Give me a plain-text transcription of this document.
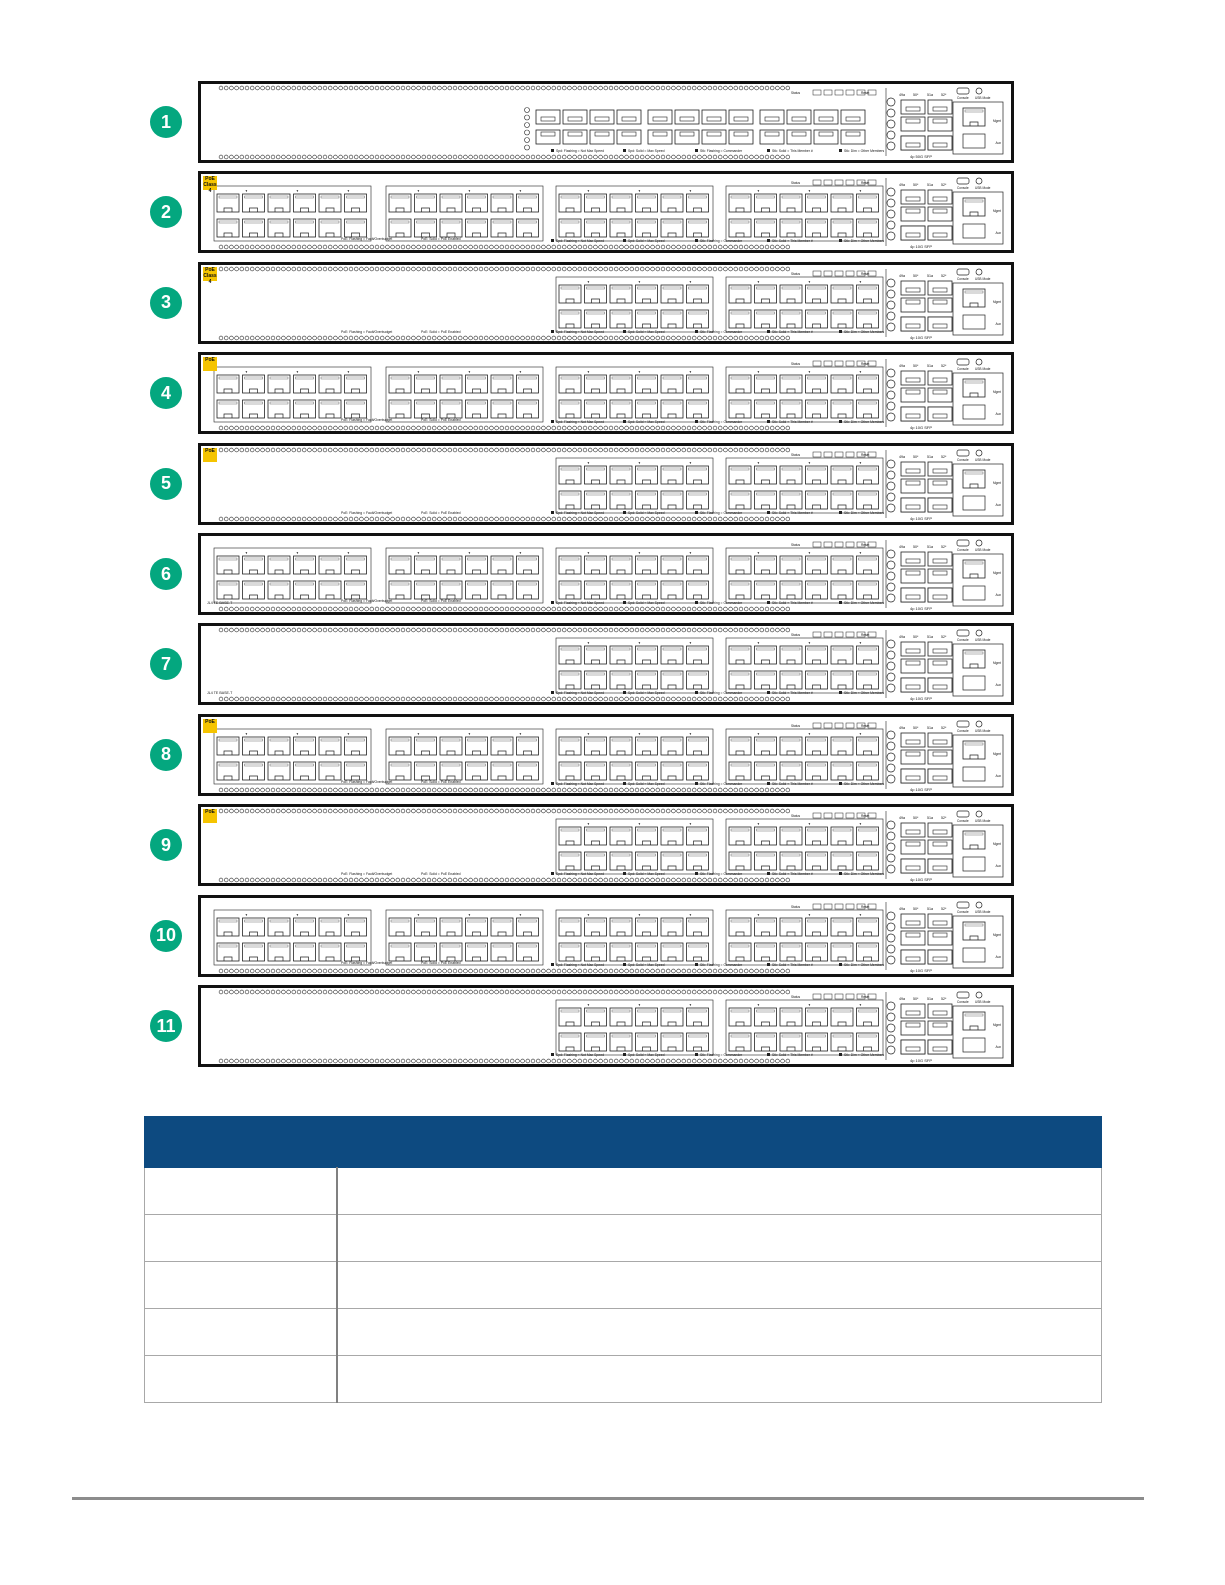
1
Spd: Flashing = Not Max Speed	Spd: Solid = Max Speed	Stk: Flashing = Commander	Stk: Solid = This Member #	Stk: Dim = Other Members
Status	Reset	49a 50* 51a 52*
4p 50G SFP
Console USB Mode
Mgmt
Aux
2
▾	▾	▾	▾	▾	▾	▾	▾	▾	▾	▾	▾
PoE: Flashing = Fault/Overbudget	PoE: Solid = PoE Enabled	Spd: Flashing = Not Max Speed	Spd: Solid = Max Speed	Stk: Flashing = Commander	Stk: Solid = This Member #	Stk: Dim = Other Members
Status	Reset	49a 50* 51a 52*
4p 10G SFP
Console USB Mode
Mgmt
Aux
PoE Class 4
3
▾	▾	▾	▾	▾	▾
PoE: Flashing = Fault/Overbudget	PoE: Solid = PoE Enabled	Spd: Flashing = Not Max Speed	Spd: Solid = Max Speed	Stk: Flashing = Commander	Stk: Solid = This Member #	Stk: Dim = Other Members
Status	Reset	49a 50* 51a 52*
4p 10G SFP
Console USB Mode
Mgmt
Aux
PoE Class 4
4
▾	▾	▾	▾	▾	▾	▾	▾	▾	▾	▾	▾
PoE: Flashing = Fault/Overbudget	PoE: Solid = PoE Enabled	Spd: Flashing = Not Max Speed	Spd: Solid = Max Speed	Stk: Flashing = Commander	Stk: Solid = This Member #	Stk: Dim = Other Members
Status	Reset	49a 50* 51a 52*
4p 10G SFP
Console USB Mode
Mgmt
Aux
PoE
5
▾	▾	▾	▾	▾	▾
PoE: Flashing = Fault/Overbudget	PoE: Solid = PoE Enabled	Spd: Flashing = Not Max Speed	Spd: Solid = Max Speed	Stk: Flashing = Commander	Stk: Solid = This Member #	Stk: Dim = Other Members
Status	Reset	49a 50* 51a 52*
4p 10G SFP
Console USB Mode
Mgmt
Aux
PoE
6
▾	▾	▾	▾	▾	▾	▾	▾	▾	▾	▾	▾
PoE: Flashing = Fault/Overbudget	PoE: Solid = PoE Enabled	Spd: Flashing = Not Max Speed	Spd: Solid = Max Speed	Stk: Flashing = Commander	Stk: Solid = This Member #	Stk: Dim = Other Members
JL4 TE BASE-T
Status	Reset	49a 50* 51a 52*
4p 10G SFP
Console USB Mode
Mgmt
Aux
7
▾	▾	▾	▾	▾	▾
Spd: Flashing = Not Max Speed	Spd: Solid = Max Speed	Stk: Flashing = Commander	Stk: Solid = This Member #	Stk: Dim = Other Members
JL4 TE BASE-T
Status	Reset	49a 50* 51a 52*
4p 10G SFP
Console USB Mode
Mgmt
Aux
8
▾	▾	▾	▾	▾	▾	▾	▾	▾	▾	▾	▾
PoE: Flashing = Fault/Overbudget	PoE: Solid = PoE Enabled	Spd: Flashing = Not Max Speed	Spd: Solid = Max Speed	Stk: Flashing = Commander	Stk: Solid = This Member #	Stk: Dim = Other Members
Status	Reset	49a 50* 51a 52*
4p 10G SFP
Console USB Mode
Mgmt
Aux
PoE
9
▾	▾	▾	▾	▾	▾
PoE: Flashing = Fault/Overbudget	PoE: Solid = PoE Enabled	Spd: Flashing = Not Max Speed	Spd: Solid = Max Speed	Stk: Flashing = Commander	Stk: Solid = This Member #	Stk: Dim = Other Members
Status	Reset	49a 50* 51a 52*
4p 10G SFP
Console USB Mode
Mgmt
Aux
PoE
10
▾	▾	▾	▾	▾	▾	▾	▾	▾	▾	▾	▾
PoE: Flashing = Fault/Overbudget	PoE: Solid = PoE Enabled	Spd: Flashing = Not Max Speed	Spd: Solid = Max Speed	Stk: Flashing = Commander	Stk: Solid = This Member #	Stk: Dim = Other Members
Status	Reset	49a 50* 51a 52*
4p 10G SFP
Console USB Mode
Mgmt
Aux
11
▾	▾	▾	▾	▾	▾
Spd: Flashing = Not Max Speed	Spd: Solid = Max Speed	Stk: Flashing = Commander	Stk: Solid = This Member #	Stk: Dim = Other Members
Status	Reset	49a 50* 51a 52*
4p 10G SFP
Console USB Mode
Mgmt
Aux
